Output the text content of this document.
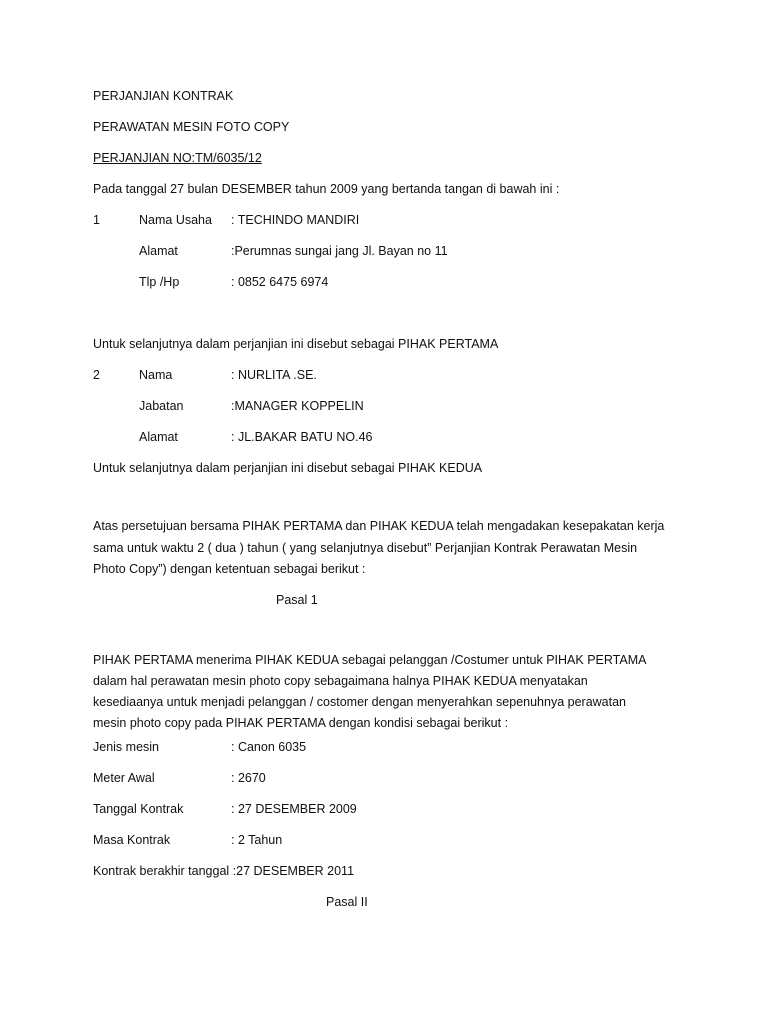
PERJANJIAN KONTRAK
PERAWATAN MESIN FOTO COPY
PERJANJIAN NO:TM/6035/12
Pada tanggal 27 bulan DESEMBER tahun 2009 yang bertanda tangan di bawah ini :
1	Nama Usaha : TECHINDO MANDIRI
Alamat	:Perumnas sungai jang Jl. Bayan no 11
Tlp /Hp	: 0852 6475 6974
Untuk selanjutnya dalam perjanjian ini disebut sebagai PIHAK PERTAMA
2	Nama	: NURLITA .SE.
Jabatan	:MANAGER KOPPELIN
Alamat	: JL.BAKAR BATU NO.46
Untuk selanjutnya dalam perjanjian ini disebut sebagai PIHAK KEDUA
Atas persetujuan bersama PIHAK PERTAMA dan PIHAK KEDUA telah mengadakan kesepakatan kerja
sama untuk waktu 2 ( dua ) tahun ( yang selanjutnya disebut” Perjanjian Kontrak Perawatan Mesin
Photo Copy”) dengan ketentuan sebagai berikut :
Pasal 1
PIHAK PERTAMA menerima PIHAK KEDUA sebagai pelanggan /Costumer untuk PIHAK PERTAMA
dalam hal perawatan mesin photo copy sebagaimana halnya PIHAK KEDUA menyatakan
kesediaanya untuk menjadi pelanggan / costomer dengan menyerahkan sepenuhnya perawatan
mesin photo copy pada PIHAK PERTAMA dengan kondisi sebagai berikut :
Jenis mesin	: Canon 6035
Meter Awal	: 2670
Tanggal Kontrak	: 27 DESEMBER 2009
Masa Kontrak	: 2 Tahun
Kontrak berakhir tanggal :27 DESEMBER 2011
Pasal II
